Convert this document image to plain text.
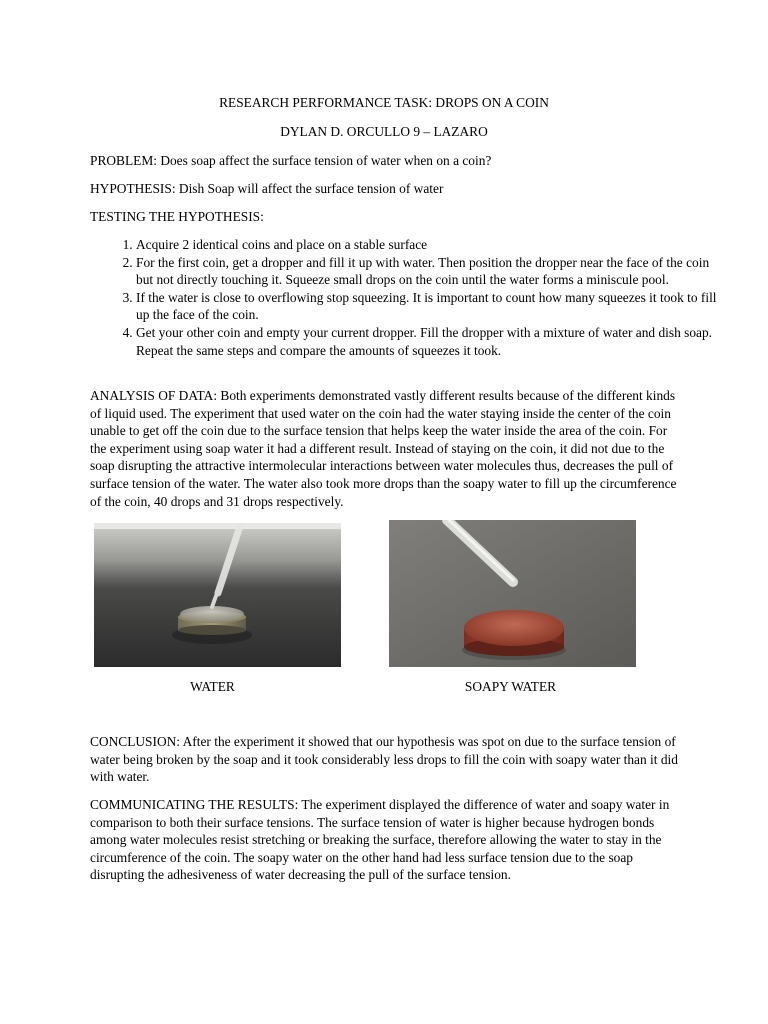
RESEARCH PERFORMANCE TASK: DROPS ON A COIN
DYLAN D. ORCULLO 9 – LAZARO

PROBLEM: Does soap affect the surface tension of water when on a coin?

HYPOTHESIS: Dish Soap will affect the surface tension of water

TESTING THE HYPOTHESIS:

1. Acquire 2 identical coins and place on a stable surface
2. For the first coin, get a dropper and fill it up with water. Then position the dropper near the face of the coin but not directly touching it. Squeeze small drops on the coin until the water forms a miniscule pool.
3. If the water is close to overflowing stop squeezing. It is important to count how many squeezes it took to fill up the face of the coin.
4. Get your other coin and empty your current dropper. Fill the dropper with a mixture of water and dish soap. Repeat the same steps and compare the amounts of squeezes it took.

ANALYSIS OF DATA: Both experiments demonstrated vastly different results because of the different kinds of liquid used. The experiment that used water on the coin had the water staying inside the center of the coin unable to get off the coin due to the surface tension that helps keep the water inside the area of the coin. For the experiment using soap water it had a different result. Instead of staying on the coin, it did not due to the soap disrupting the attractive intermolecular interactions between water molecules thus, decreases the pull of surface tension of the water. The water also took more drops than the soapy water to fill up the circumference of the coin, 40 drops and 31 drops respectively.

WATER	SOAPY WATER

CONCLUSION: After the experiment it showed that our hypothesis was spot on due to the surface tension of water being broken by the soap and it took considerably less drops to fill the coin with soapy water than it did with water.

COMMUNICATING THE RESULTS: The experiment displayed the difference of water and soapy water in comparison to both their surface tensions. The surface tension of water is higher because hydrogen bonds among water molecules resist stretching or breaking the surface, therefore allowing the water to stay in the circumference of the coin. The soapy water on the other hand had less surface tension due to the soap disrupting the adhesiveness of water decreasing the pull of the surface tension.
